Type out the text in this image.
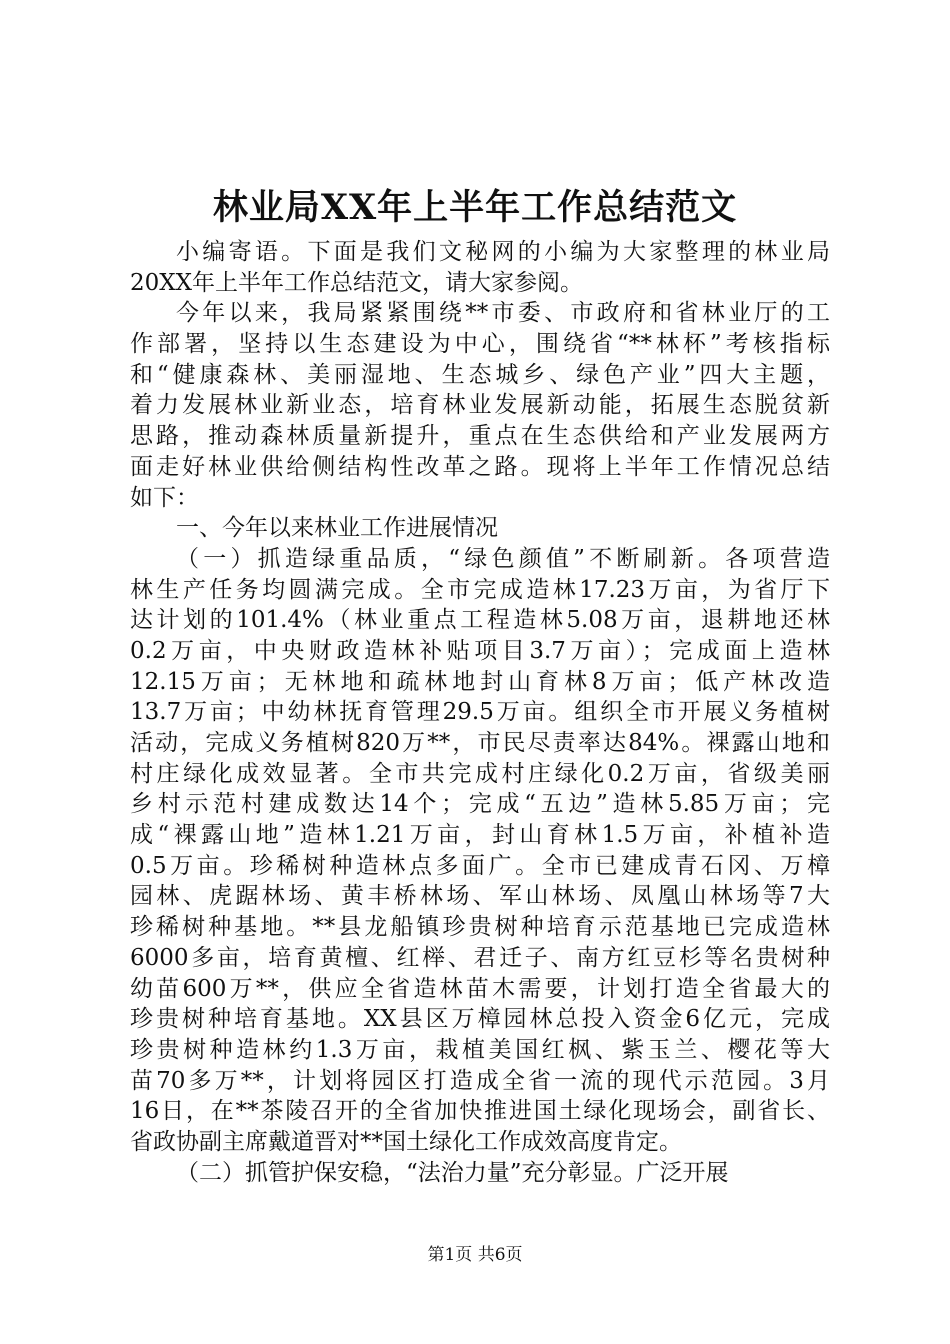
林业局XX年上半年工作总结范文
小编寄语。下面是我们文秘网的小编为大家整理的林业局
20XX年上半年工作总结范文，请大家参阅。
今年以来，我局紧紧围绕**市委、市政府和省林业厅的工
作部署，坚持以生态建设为中心，围绕省“**林杯”考核指标
和“健康森林、美丽湿地、生态城乡、绿色产业”四大主题，
着力发展林业新业态，培育林业发展新动能，拓展生态脱贫新
思路，推动森林质量新提升，重点在生态供给和产业发展两方
面走好林业供给侧结构性改革之路。现将上半年工作情况总结
如下：
一、今年以来林业工作进展情况
（一）抓造绿重品质，“绿色颜值”不断刷新。各项营造
林生产任务均圆满完成。全市完成造林17.23万亩，为省厅下
达计划的101.4%（林业重点工程造林5.08万亩，退耕地还林
0.2万亩，中央财政造林补贴项目3.7万亩）；完成面上造林
12.15万亩；无林地和疏林地封山育林8万亩；低产林改造
13.7万亩；中幼林抚育管理29.5万亩。组织全市开展义务植树
活动，完成义务植树820万**，市民尽责率达84%。裸露山地和
村庄绿化成效显著。全市共完成村庄绿化0.2万亩，省级美丽
乡村示范村建成数达14个；完成“五边”造林5.85万亩；完
成“裸露山地”造林1.21万亩，封山育林1.5万亩，补植补造
0.5万亩。珍稀树种造林点多面广。全市已建成青石冈、万樟
园林、虎踞林场、黄丰桥林场、军山林场、凤凰山林场等7大
珍稀树种基地。**县龙船镇珍贵树种培育示范基地已完成造林
6000多亩，培育黄檀、红榉、君迁子、南方红豆杉等名贵树种
幼苗600万**，供应全省造林苗木需要，计划打造全省最大的
珍贵树种培育基地。XX县区万樟园林总投入资金6亿元，完成
珍贵树种造林约1.3万亩，栽植美国红枫、紫玉兰、樱花等大
苗70多万**，计划将园区打造成全省一流的现代示范园。3月
16日，在**茶陵召开的全省加快推进国土绿化现场会，副省长、
省政协副主席戴道晋对**国土绿化工作成效高度肯定。
（二）抓管护保安稳，“法治力量”充分彰显。广泛开展
第1页 共6页
